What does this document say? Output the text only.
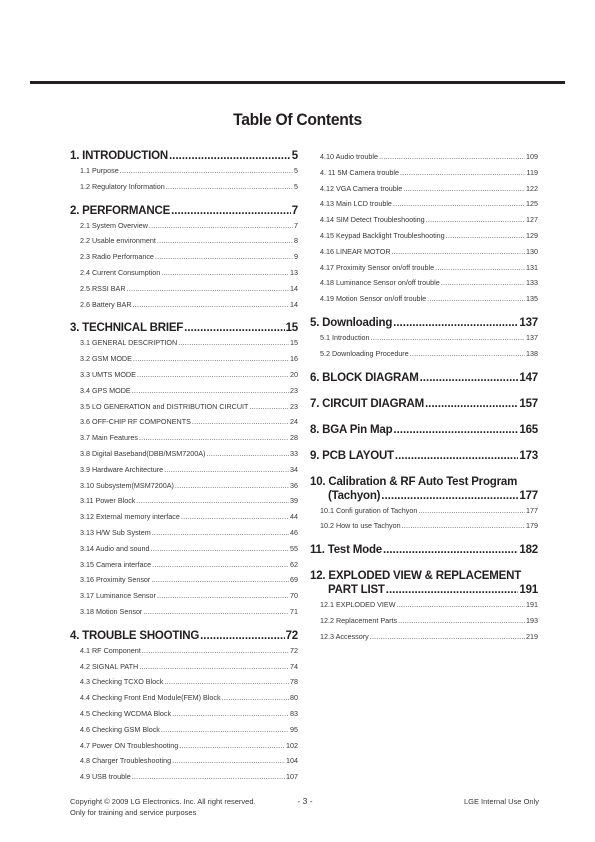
Table Of Contents
1. INTRODUCTION .....	5
1.1 Purpose .....	5
1.2 Regulatory Information .....	5
2. PERFORMANCE .....	7
2.1 System Overview .....	7
2.2 Usable environment .....	8
2.3 Radio Performance .....	9
2.4 Current Consumption .....	13
2.5 RSSI BAR .....	14
2.6 Battery BAR .....	14
3. TECHNICAL BRIEF .....	15
3.1 GENERAL DESCRIPTION .....	15
3.2 GSM MODE .....	16
3.3 UMTS MODE .....	20
3.4 GPS MODE .....	23
3.5 LO GENERATION and DISTRIBUTION CIRCUIT .....	23
3.6 OFF-CHIP RF COMPONENTS .....	24
3.7 Main Features .....	28
3.8 Digital Baseband(DBB/MSM7200A) .....	33
3.9 Hardware Architecture .....	34
3.10 Subsystem(MSM7200A) .....	36
3.11 Power Block .....	39
3.12 External memory interface .....	44
3.13 H/W Sub System .....	46
3.14 Audio and sound .....	55
3.15 Camera interface .....	62
3.16 Proximity Sensor .....	69
3.17 Luminance Sensor .....	70
3.18 Motion Sensor .....	71
4. TROUBLE SHOOTING .....	72
4.1 RF Component .....	72
4.2 SIGNAL PATH .....	74
4.3 Checking TCXO Block .....	78
4.4 Checking Front End Module(FEM) Block .....	80
4.5 Checking WCDMA Block .....	83
4.6 Checking GSM Block .....	95
4.7 Power ON Troubleshooting .....	102
4.8 Charger Troubleshooting .....	104
4.9 USB trouble .....	107
4.10 Audio trouble .....	109
4. 11 5M Camera trouble .....	119
4.12 VGA Camera trouble .....	122
4.13 Main LCD trouble .....	125
4.14 SIM Detect Troubleshooting .....	127
4.15 Keypad Backlight Troubleshooting .....	129
4.16 LINEAR MOTOR .....	130
4.17 Proximity Sensor on/off trouble .....	131
4.18 Luminance Sensor on/off trouble .....	133
4.19 Motion Sensor on/off trouble .....	135
5. Downloading .....	137
5.1 Introduction .....	137
5.2 Downloading Procedure .....	138
6. BLOCK DIAGRAM .....	147
7. CIRCUIT DIAGRAM .....	157
8. BGA Pin Map .....	165
9. PCB LAYOUT .....	173
10. Calibration & RF Auto Test Program
(Tachyon) .....	177
10.1 Confi guration of Tachyon .....	177
10.2 How to use Tachyon .....	179
11. Test Mode .....	182
12. EXPLODED VIEW & REPLACEMENT
PART LIST .....	191
12.1 EXPLODED VIEW .....	191
12.2 Replacement Parts .....	193
12.3 Accessory .....	219
Copyright © 2009 LG Electronics. Inc. All right reserved.
Only for training and service purposes
- 3 -	LGE Internal Use Only
